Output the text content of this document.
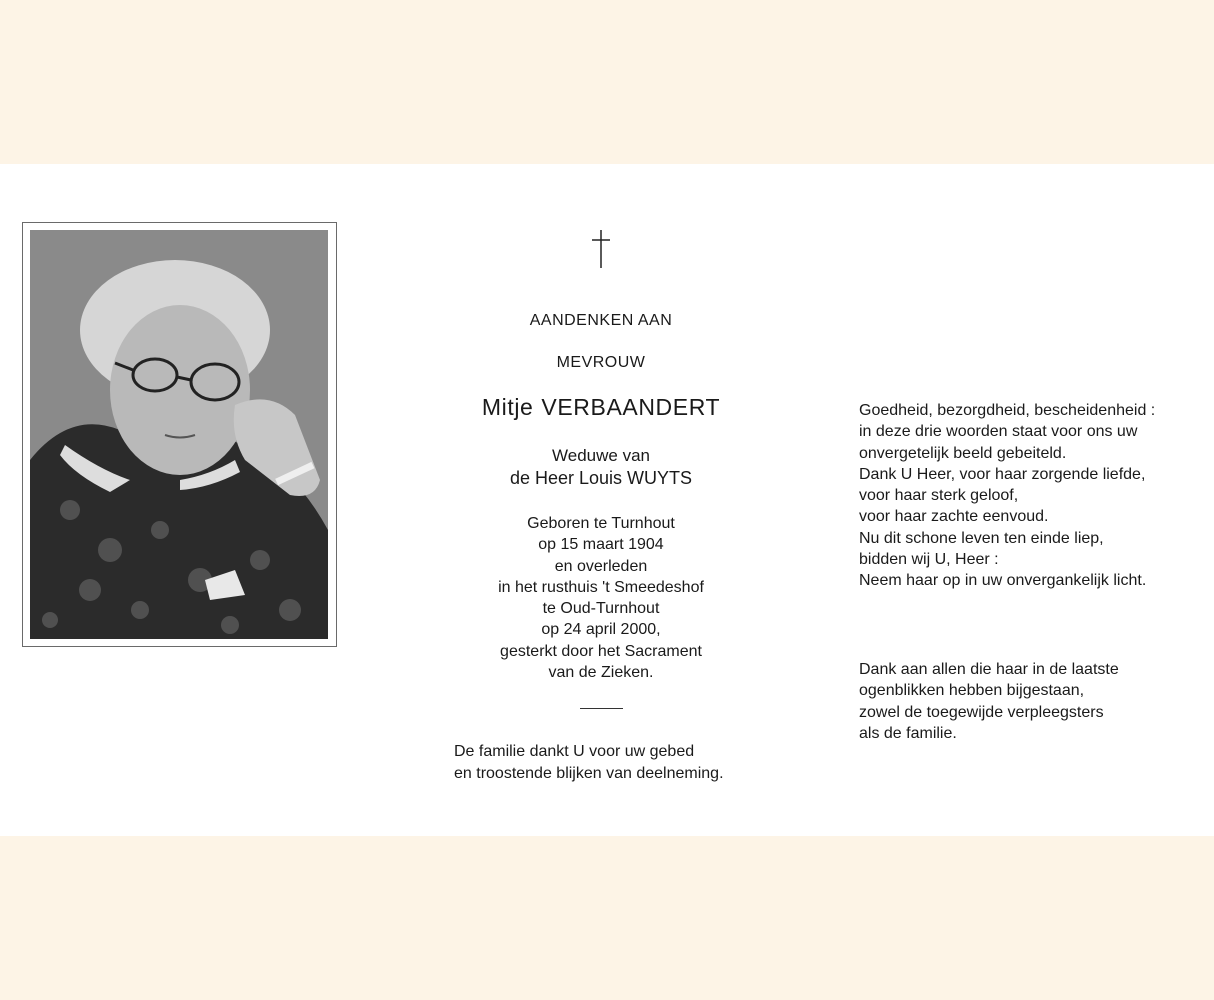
AANDENKEN AAN
MEVROUW
Mitje VERBAANDERT
Weduwe van
de Heer Louis WUYTS
Geboren te Turnhout
op 15 maart 1904
en overleden
in het rusthuis 't Smeedeshof
te Oud-Turnhout
op 24 april 2000,
gesterkt door het Sacrament
van de Zieken.
De familie dankt U voor uw gebed
en troostende blijken van deelneming.
Goedheid, bezorgdheid, bescheidenheid :
in deze drie woorden staat voor ons uw
onvergetelijk beeld gebeiteld.
Dank U Heer, voor haar zorgende liefde,
voor haar sterk geloof,
voor haar zachte eenvoud.
Nu dit schone leven ten einde liep,
bidden wij U, Heer :
Neem haar op in uw onvergankelijk licht.
Dank aan allen die haar in de laatste
ogenblikken hebben bijgestaan,
zowel de toegewijde verpleegsters
als de familie.
